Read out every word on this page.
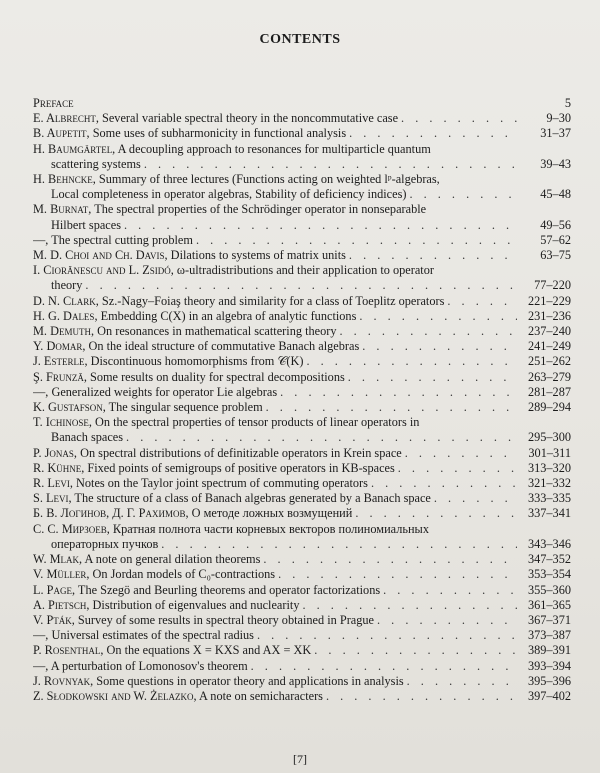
CONTENTS
Preface	5
E. Albrecht, Several variable spectral theory in the noncommutative case . . .	9–30
B. Aupetit, Some uses of subharmonicity in functional analysis . . .	31–37
H. Baumgärtel, A decoupling approach to resonances for multiparticle quantum
scattering systems . . .	39–43
H. Behncke, Summary of three lectures (Functions acting on weighted lᵖ-algebras,
Local completeness in operator algebras, Stability of deficiency indices) . . .	45–48
M. Burnat, The spectral properties of the Schrödinger operator in nonseparable
Hilbert spaces . . .	49–56
—, The spectral cutting problem . . .	57–62
M. D. Choi and Ch. Davis, Dilations to systems of matrix units . . .	63–75
I. Ciorănescu and L. Zsidó, ω-ultradistributions and their application to operator
theory . . .	77–220
D. N. Clark, Sz.-Nagy–Foiaş theory and similarity for a class of Toeplitz operators . . .	221–229
H. G. Dales, Embedding C(X) in an algebra of analytic functions . . .	231–236
M. Demuth, On resonances in mathematical scattering theory . . .	237–240
Y. Domar, On the ideal structure of commutative Banach algebras . . .	241–249
J. Esterle, Discontinuous homomorphisms from 𝒞(K) . . .	251–262
Ş. Frunză, Some results on duality for spectral decompositions . . .	263–279
—, Generalized weights for operator Lie algebras . . .	281–287
K. Gustafson, The singular sequence problem . . .	289–294
T. Ichinose, On the spectral properties of tensor products of linear operators in
Banach spaces . . .	295–300
P. Jonas, On spectral distributions of definitizable operators in Krein space . . .	301–311
R. Kühne, Fixed points of semigroups of positive operators in KB-spaces . . .	313–320
R. Levi, Notes on the Taylor joint spectrum of commuting operators . . .	321–332
S. Levi, The structure of a class of Banach algebras generated by a Banach space . . .	333–335
Б. В. Логинов, Д. Г. Рахимов, О методе ложных возмущений . . .	337–341
С. С. Мирзоев, Кратная полнота части корневых векторов полиномиальных
операторных пучков . . .	343–346
W. Mlak, A note on general dilation theorems . . .	347–352
V. Müller, On Jordan models of C₀-contractions . . .	353–354
L. Page, The Szegö and Beurling theorems and operator factorizations . . .	355–360
A. Pietsch, Distribution of eigenvalues and nuclearity . . .	361–365
V. Pták, Survey of some results in spectral theory obtained in Prague . . .	367–371
—, Universal estimates of the spectral radius . . .	373–387
P. Rosenthal, On the equations X = KXS and AX = XK . . .	389–391
—, A perturbation of Lomonosov's theorem . . .	393–394
J. Rovnyak, Some questions in operator theory and applications in analysis . . .	395–396
Z. Słodkowski and W. Żelazko, A note on semicharacters . . .	397–402
[7]
